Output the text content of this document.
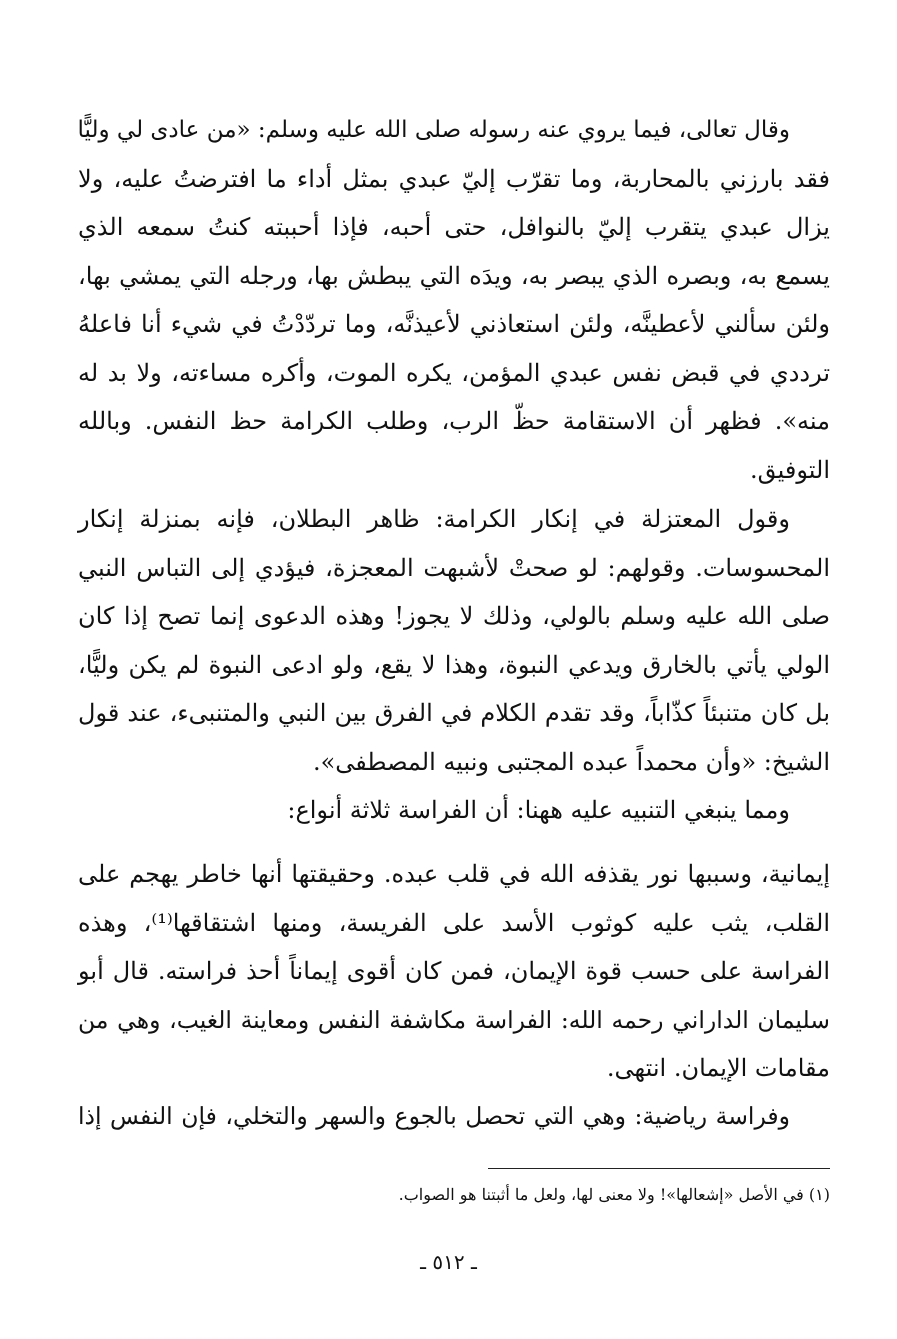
وقال تعالى، فيما يروي عنه رسوله صلى الله عليه وسلم: «من عادى لي وليًّا
فقد بارزني بالمحاربة، وما تقرّب إليّ عبدي بمثل أداء ما افترضتُ عليه، ولا
يزال عبدي يتقرب إليّ بالنوافل، حتى أحبه، فإذا أحببته كنتُ سمعه الذي
يسمع به، وبصره الذي يبصر به، ويدَه التي يبطش بها، ورجله التي يمشي بها،
ولئن سألني لأعطينَّه، ولئن استعاذني لأعيذنَّه، وما تردّدْتُ في شيء أنا فاعلهُ
ترددي في قبض نفس عبدي المؤمن، يكره الموت، وأكره مساءته، ولا بد له
منه». فظهر أن الاستقامة حظّ الرب، وطلب الكرامة حظ النفس. وبالله
التوفيق.
وقول المعتزلة في إنكار الكرامة: ظاهر البطلان، فإنه بمنزلة إنكار
المحسوسات. وقولهم: لو صحتْ لأشبهت المعجزة، فيؤدي إلى التباس النبي
صلى الله عليه وسلم بالولي، وذلك لا يجوز! وهذه الدعوى إنما تصح إذا كان
الولي يأتي بالخارق ويدعي النبوة، وهذا لا يقع، ولو ادعى النبوة لم يكن وليًّا،
بل كان متنبئاً كذّاباً، وقد تقدم الكلام في الفرق بين النبي والمتنبىء، عند قول
الشيخ: «وأن محمداً عبده المجتبى ونبيه المصطفى».
ومما ينبغي التنبيه عليه ههنا: أن الفراسة ثلاثة أنواع:
إيمانية، وسببها نور يقذفه الله في قلب عبده. وحقيقتها أنها خاطر يهجم على
القلب، يثب عليه كوثوب الأسد على الفريسة، ومنها اشتقاقها⁽¹⁾، وهذه
الفراسة على حسب قوة الإيمان، فمن كان أقوى إيماناً أحذ فراسته. قال أبو
سليمان الداراني رحمه الله: الفراسة مكاشفة النفس ومعاينة الغيب، وهي من
مقامات الإيمان. انتهى.
وفراسة رياضية: وهي التي تحصل بالجوع والسهر والتخلي، فإن النفس إذا
(١) في الأصل «إشعالها»! ولا معنى لها، ولعل ما أثبتنا هو الصواب.
ـ ٥١٢ ـ
